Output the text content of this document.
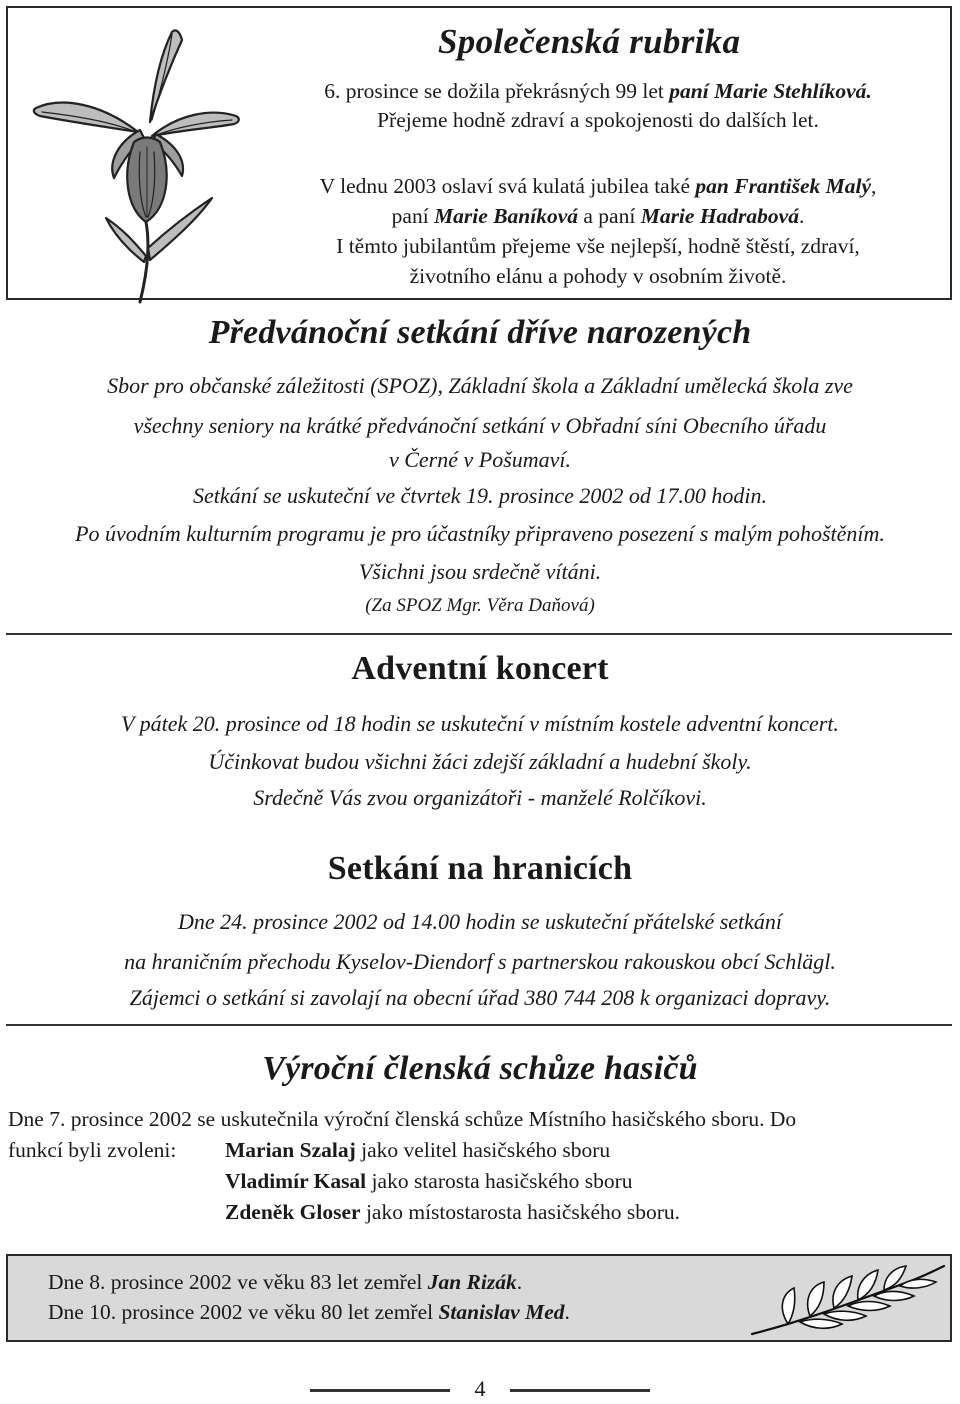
Společenská rubrika
6. prosince se dožila překrásných 99 let paní Marie Stehlíková.
Přejeme hodně zdraví a spokojenosti do dalších let.
V lednu 2003 oslaví svá kulatá jubilea také pan František Malý,
paní Marie Baníková a paní Marie Hadrabová.
I těmto jubilantům přejeme vše nejlepší, hodně štěstí, zdraví,
životního elánu a pohody v osobním životě.
Předvánoční setkání dříve narozených
Sbor pro občanské záležitosti (SPOZ), Základní škola a Základní umělecká škola zve
všechny seniory na krátké předvánoční setkání v Obřadní síni Obecního úřadu
v Černé v Pošumaví.
Setkání se uskuteční ve čtvrtek 19. prosince 2002 od 17.00 hodin.
Po úvodním kulturním programu je pro účastníky připraveno posezení s malým pohoštěním.
Všichni jsou srdečně vítáni.
(Za SPOZ Mgr. Věra Daňová)
Adventní koncert
V pátek 20. prosince od 18 hodin se uskuteční v místním kostele adventní koncert.
Účinkovat budou všichni žáci zdejší základní a hudební školy.
Srdečně Vás zvou organizátoři - manželé Rolčíkovi.
Setkání na hranicích
Dne 24. prosince 2002 od 14.00 hodin se uskuteční přátelské setkání
na hraničním přechodu Kyselov-Diendorf s partnerskou rakouskou obcí Schlägl.
Zájemci o setkání si zavolají na obecní úřad 380 744 208 k organizaci dopravy.
Výroční členská schůze hasičů
Dne 7. prosince 2002 se uskutečnila výroční členská schůze Místního hasičského sboru. Do
funkcí byli zvoleni:	Marian Szalaj jako velitel hasičského sboru
Vladimír Kasal jako starosta hasičského sboru
Zdeněk Gloser jako místostarosta hasičského sboru.
Dne 8. prosince 2002 ve věku 83 let zemřel Jan Rizák.
Dne 10. prosince 2002 ve věku 80 let zemřel Stanislav Med.
4
